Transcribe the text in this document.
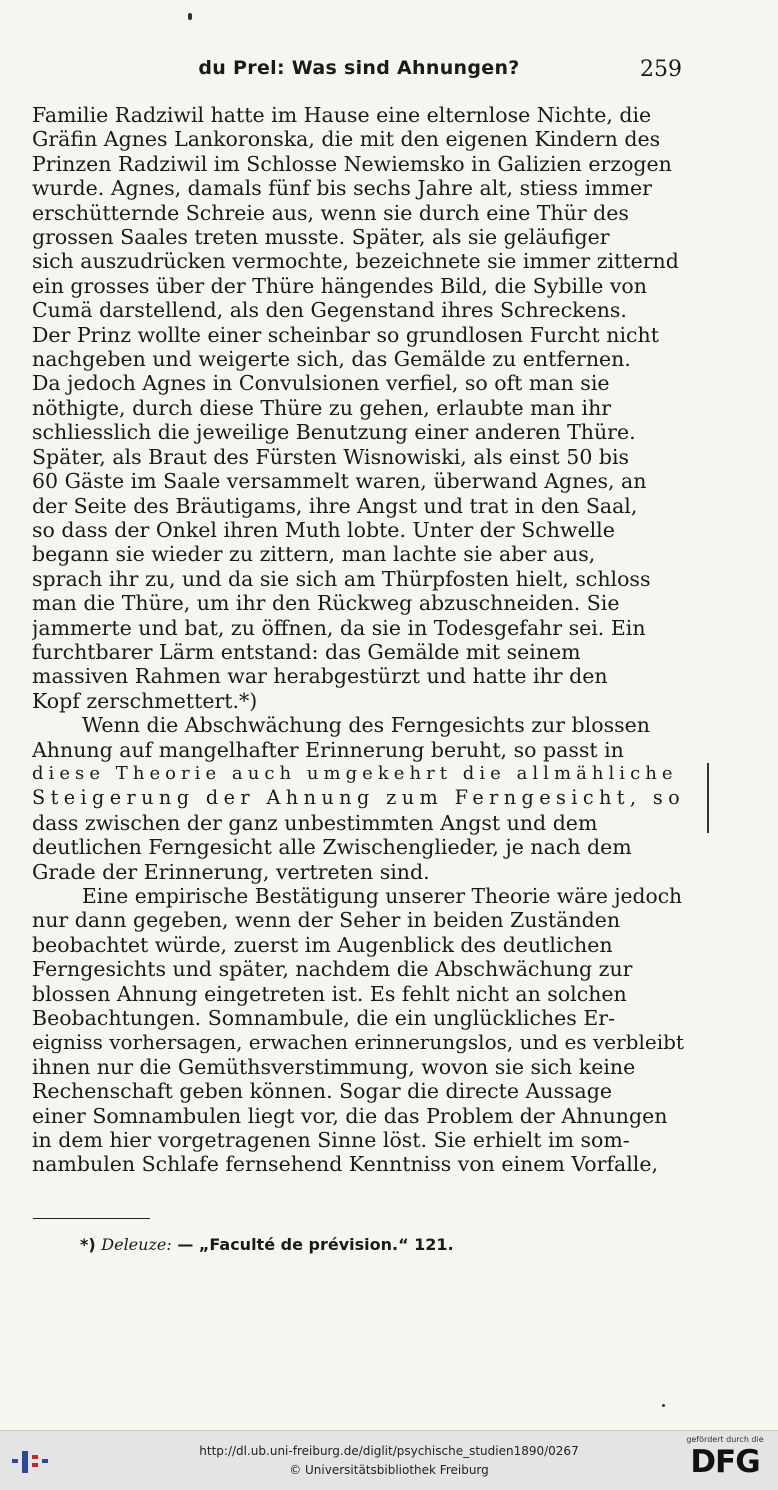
du Prel: Was sind Ahnungen?	259
Familie Radziwil hatte im Hause eine elternlose Nichte, die
Gräfin Agnes Lankoronska, die mit den eigenen Kindern des
Prinzen Radziwil im Schlosse Newiemsko in Galizien erzogen
wurde. Agnes, damals fünf bis sechs Jahre alt, stiess immer
erschütternde Schreie aus, wenn sie durch eine Thür des
grossen Saales treten musste. Später, als sie geläufiger
sich auszudrücken vermochte, bezeichnete sie immer zitternd
ein grosses über der Thüre hängendes Bild, die Sybille von
Cumä darstellend, als den Gegenstand ihres Schreckens.
Der Prinz wollte einer scheinbar so grundlosen Furcht nicht
nachgeben und weigerte sich, das Gemälde zu entfernen.
Da jedoch Agnes in Convulsionen verfiel, so oft man sie
nöthigte, durch diese Thüre zu gehen, erlaubte man ihr
schliesslich die jeweilige Benutzung einer anderen Thüre.
Später, als Braut des Fürsten Wisnowiski, als einst 50 bis
60 Gäste im Saale versammelt waren, überwand Agnes, an
der Seite des Bräutigams, ihre Angst und trat in den Saal,
so dass der Onkel ihren Muth lobte. Unter der Schwelle
begann sie wieder zu zittern, man lachte sie aber aus,
sprach ihr zu, und da sie sich am Thürpfosten hielt, schloss
man die Thüre, um ihr den Rückweg abzuschneiden. Sie
jammerte und bat, zu öffnen, da sie in Todesgefahr sei. Ein
furchtbarer Lärm entstand: das Gemälde mit seinem
massiven Rahmen war herabgestürzt und hatte ihr den
Kopf zerschmettert.*)
Wenn die Abschwächung des Ferngesichts zur blossen
Ahnung auf mangelhafter Erinnerung beruht, so passt in
diese Theorie auch umgekehrt die allmähliche
Steigerung der Ahnung zum Ferngesicht, so
dass zwischen der ganz unbestimmten Angst und dem
deutlichen Ferngesicht alle Zwischenglieder, je nach dem
Grade der Erinnerung, vertreten sind.
Eine empirische Bestätigung unserer Theorie wäre jedoch
nur dann gegeben, wenn der Seher in beiden Zuständen
beobachtet würde, zuerst im Augenblick des deutlichen
Ferngesichts und später, nachdem die Abschwächung zur
blossen Ahnung eingetreten ist. Es fehlt nicht an solchen
Beobachtungen. Somnambule, die ein unglückliches Er-
eigniss vorhersagen, erwachen erinnerungslos, und es verbleibt
ihnen nur die Gemüthsverstimmung, wovon sie sich keine
Rechenschaft geben können. Sogar die directe Aussage
einer Somnambulen liegt vor, die das Problem der Ahnungen
in dem hier vorgetragenen Sinne löst. Sie erhielt im som-
nambulen Schlafe fernsehend Kenntniss von einem Vorfalle,
*) Deleuze: — „Faculté de prévision.“ 121.
http://dl.ub.uni-freiburg.de/diglit/psychische_studien1890/0267
© Universitätsbibliothek Freiburg
gefördert durch die
DFG
